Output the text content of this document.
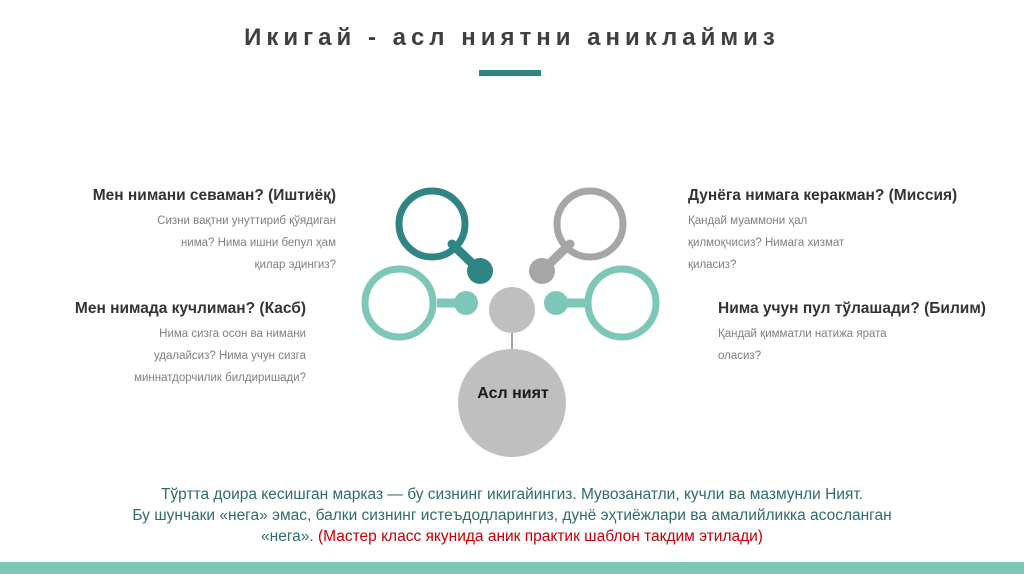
Икигай - асл ниятни аниклаймиз
Мен нимани севаман? (Иштиёқ)
Сизни вақтни унуттириб қўядиган
нима? Нима ишни бепул ҳам
қилар эдингиз?
Мен нимада кучлиман? (Касб)
Нима сизга осон ва нимани
удалайсиз? Нима учун сизга
миннатдорчилик билдиришади?
Дунёга нимага керакман? (Миссия)
Қандай муаммони ҳал
қилмоқчисиз? Нимага хизмат
қиласиз?
Нима учун пул тўлашади? (Билим)
Қандай қимматли натижа ярата
оласиз?
Асл ният
Тўртта доира кесишган марказ — бу сизнинг икигайингиз. Мувозанатли, кучли ва мазмунли Ният.
Бу шунчаки «нега» эмас, балки сизнинг истеъдодларингиз, дунё эҳтиёжлари ва амалийликка асосланган
«нега». (Мастер класс якунида аник практик шаблон такдим этилади)
